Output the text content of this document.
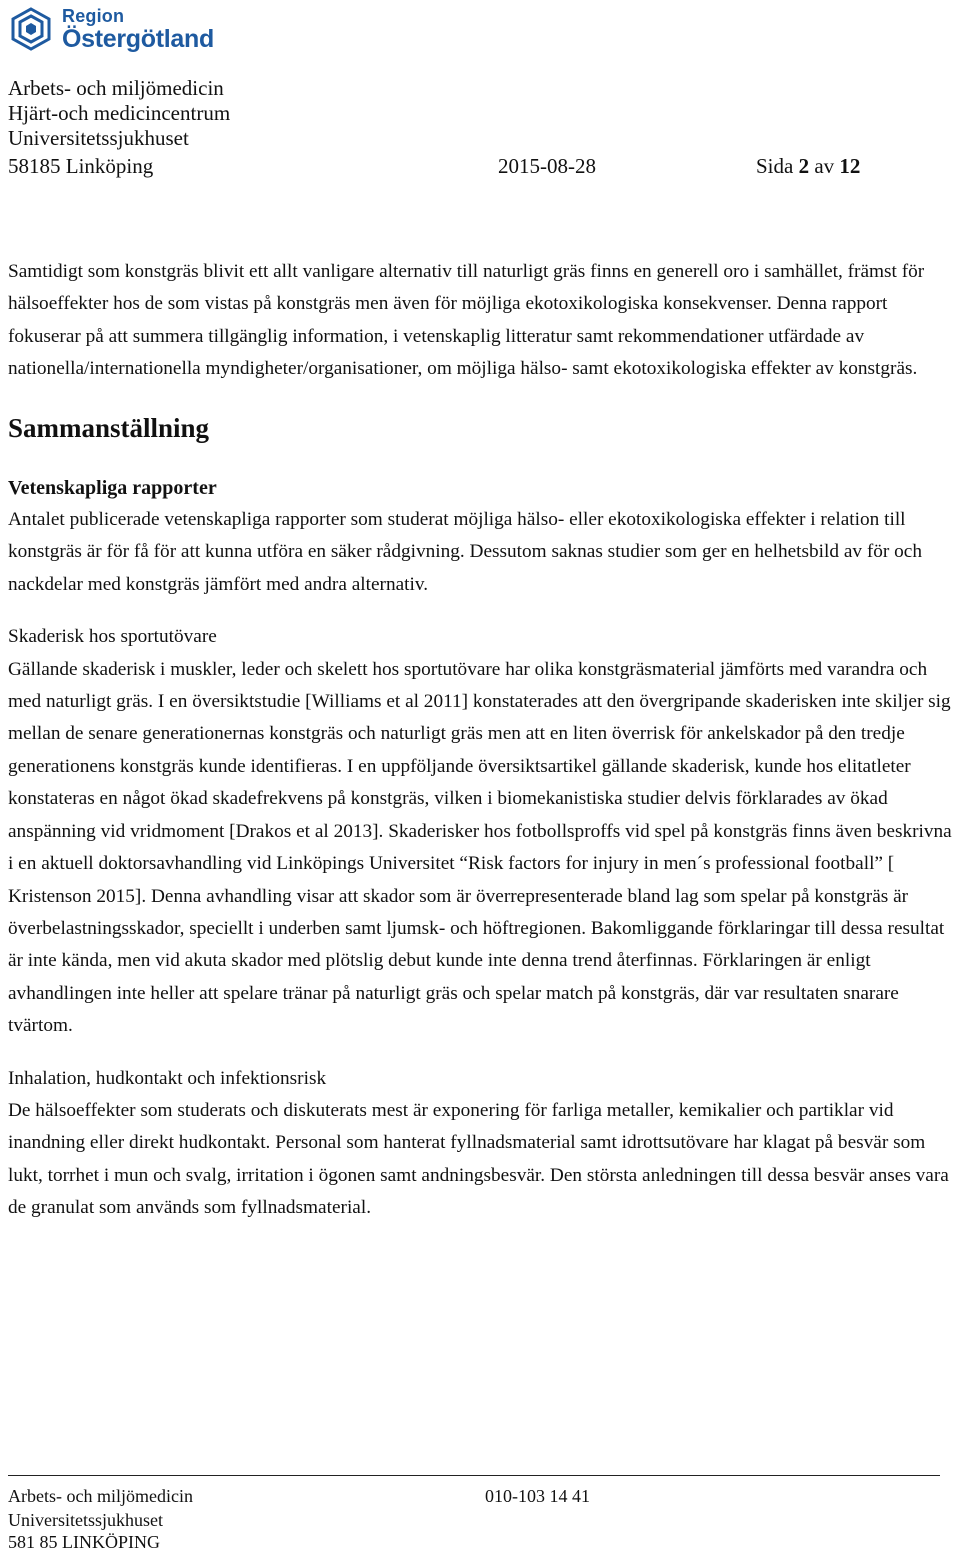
Region
Östergötland
Arbets- och miljömedicin
Hjärt-och medicincentrum
Universitetssjukhuset
58185 Linköping	2015-08-28	Sida 2 av 12

Samtidigt som konstgräs blivit ett allt vanligare alternativ till naturligt gräs finns en generell oro i samhället, främst för hälsoeffekter hos de som vistas på konstgräs men även för möjliga ekotoxikologiska konsekvenser. Denna rapport fokuserar på att summera tillgänglig information, i vetenskaplig litteratur samt rekommendationer utfärdade av nationella/internationella myndigheter/organisationer, om möjliga hälso- samt ekotoxikologiska effekter av konstgräs.

Sammanställning

Vetenskapliga rapporter

Antalet publicerade vetenskapliga rapporter som studerat möjliga hälso- eller ekotoxikologiska effekter i relation till konstgräs är för få för att kunna utföra en säker rådgivning. Dessutom saknas studier som ger en helhetsbild av för och nackdelar med konstgräs jämfört med andra alternativ.

Skaderisk hos sportutövare

Gällande skaderisk i muskler, leder och skelett hos sportutövare har olika konstgräsmaterial jämförts med varandra och med naturligt gräs. I en översiktstudie [Williams et al 2011] konstaterades att den övergripande skaderisken inte skiljer sig mellan de senare generationernas konstgräs och naturligt gräs men att en liten överrisk för ankelskador på den tredje generationens konstgräs kunde identifieras. I en uppföljande översiktsartikel gällande skaderisk, kunde hos elitatleter konstateras en något ökad skadefrekvens på konstgräs, vilken i biomekanistiska studier delvis förklarades av ökad anspänning vid vridmoment [Drakos et al 2013]. Skaderisker hos fotbollsproffs vid spel på konstgräs finns även beskrivna i en aktuell doktorsavhandling vid Linköpings Universitet “Risk factors for injury in men´s professional football” [ Kristenson 2015]. Denna avhandling visar att skador som är överrepresenterade bland lag som spelar på konstgräs är överbelastningsskador, speciellt i underben samt ljumsk- och höftregionen. Bakomliggande förklaringar till dessa resultat är inte kända, men vid akuta skador med plötslig debut kunde inte denna trend återfinnas. Förklaringen är enligt avhandlingen inte heller att spelare tränar på naturligt gräs och spelar match på konstgräs, där var resultaten snarare tvärtom.

Inhalation, hudkontakt och infektionsrisk

De hälsoeffekter som studerats och diskuterats mest är exponering för farliga metaller, kemikalier och partiklar vid inandning eller direkt hudkontakt. Personal som hanterat fyllnadsmaterial samt idrottsutövare har klagat på besvär som lukt, torrhet i mun och svalg, irritation i ögonen samt andningsbesvär. Den största anledningen till dessa besvär anses vara de granulat som används som fyllnadsmaterial.

Arbets- och miljömedicin	010-103 14 41
Universitetssjukhuset
581 85 LINKÖPING
